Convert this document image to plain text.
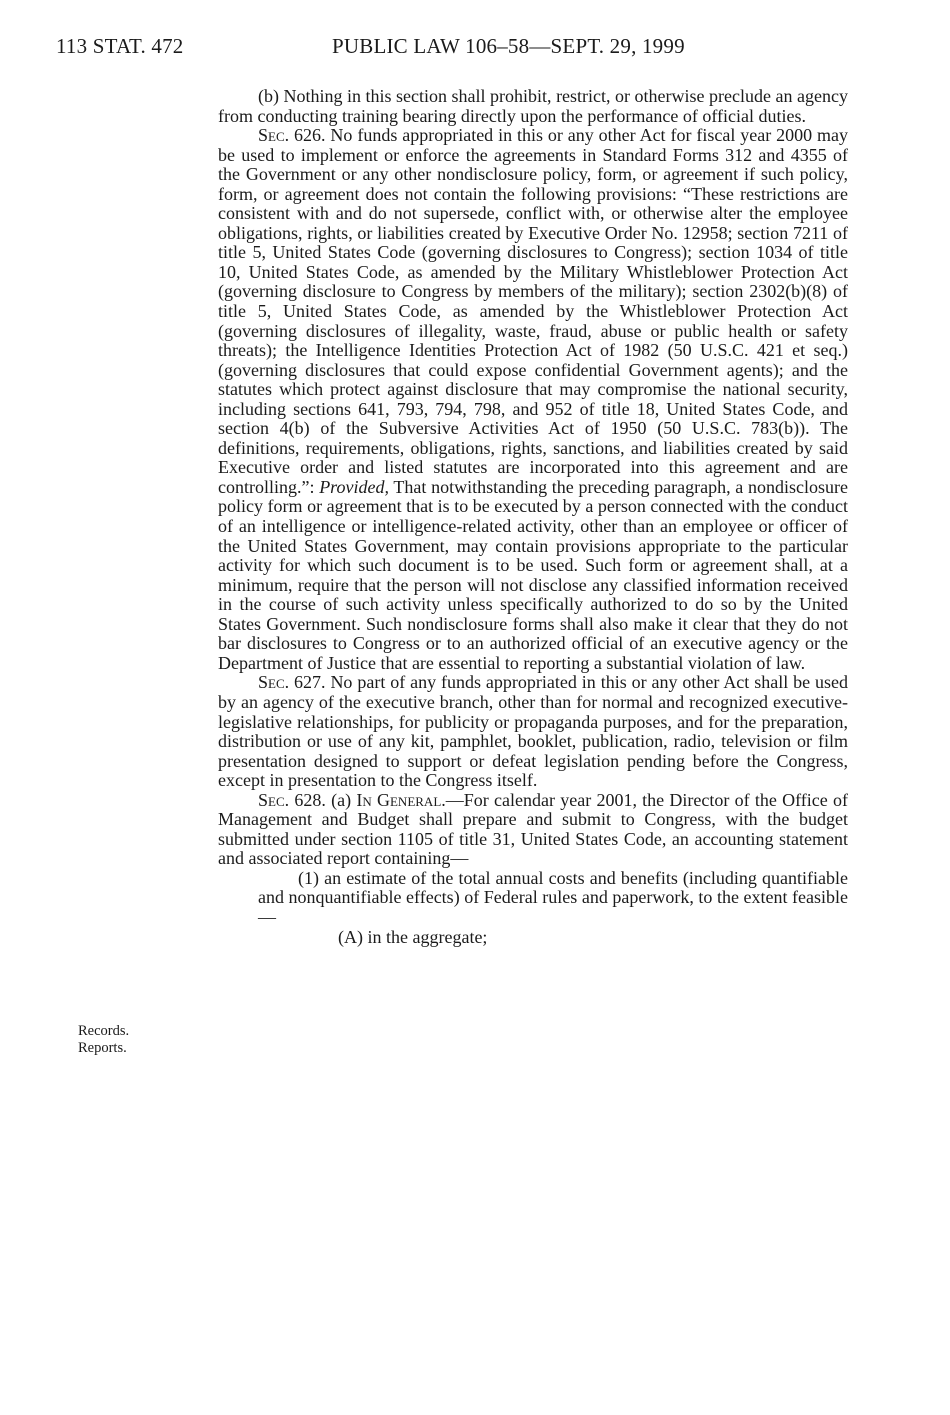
113 STAT. 472	PUBLIC LAW 106–58—SEPT. 29, 1999
Records.
Reports.

(b) Nothing in this section shall prohibit, restrict, or otherwise preclude an agency from conducting training bearing directly upon the performance of official duties.

Sec. 626. No funds appropriated in this or any other Act for fiscal year 2000 may be used to implement or enforce the agreements in Standard Forms 312 and 4355 of the Government or any other nondisclosure policy, form, or agreement if such policy, form, or agreement does not contain the following provisions: “These restrictions are consistent with and do not supersede, conflict with, or otherwise alter the employee obligations, rights, or liabilities created by Executive Order No. 12958; section 7211 of title 5, United States Code (governing disclosures to Congress); section 1034 of title 10, United States Code, as amended by the Military Whistleblower Protection Act (governing disclosure to Congress by members of the military); section 2302(b)(8) of title 5, United States Code, as amended by the Whistleblower Protection Act (governing disclosures of illegality, waste, fraud, abuse or public health or safety threats); the Intelligence Identities Protection Act of 1982 (50 U.S.C. 421 et seq.) (governing disclosures that could expose confidential Government agents); and the statutes which protect against disclosure that may compromise the national security, including sections 641, 793, 794, 798, and 952 of title 18, United States Code, and section 4(b) of the Subversive Activities Act of 1950 (50 U.S.C. 783(b)). The definitions, requirements, obligations, rights, sanctions, and liabilities created by said Executive order and listed statutes are incorporated into this agreement and are controlling.”: Provided, That notwithstanding the preceding paragraph, a nondisclosure policy form or agreement that is to be executed by a person connected with the conduct of an intelligence or intelligence-related activity, other than an employee or officer of the United States Government, may contain provisions appropriate to the particular activity for which such document is to be used. Such form or agreement shall, at a minimum, require that the person will not disclose any classified information received in the course of such activity unless specifically authorized to do so by the United States Government. Such nondisclosure forms shall also make it clear that they do not bar disclosures to Congress or to an authorized official of an executive agency or the Department of Justice that are essential to reporting a substantial violation of law.

Sec. 627. No part of any funds appropriated in this or any other Act shall be used by an agency of the executive branch, other than for normal and recognized executive-legislative relationships, for publicity or propaganda purposes, and for the preparation, distribution or use of any kit, pamphlet, booklet, publication, radio, television or film presentation designed to support or defeat legislation pending before the Congress, except in presentation to the Congress itself.

Sec. 628. (a) In General.—For calendar year 2001, the Director of the Office of Management and Budget shall prepare and submit to Congress, with the budget submitted under section 1105 of title 31, United States Code, an accounting statement and associated report containing—

(1) an estimate of the total annual costs and benefits (including quantifiable and nonquantifiable effects) of Federal rules and paperwork, to the extent feasible—

(A) in the aggregate;
